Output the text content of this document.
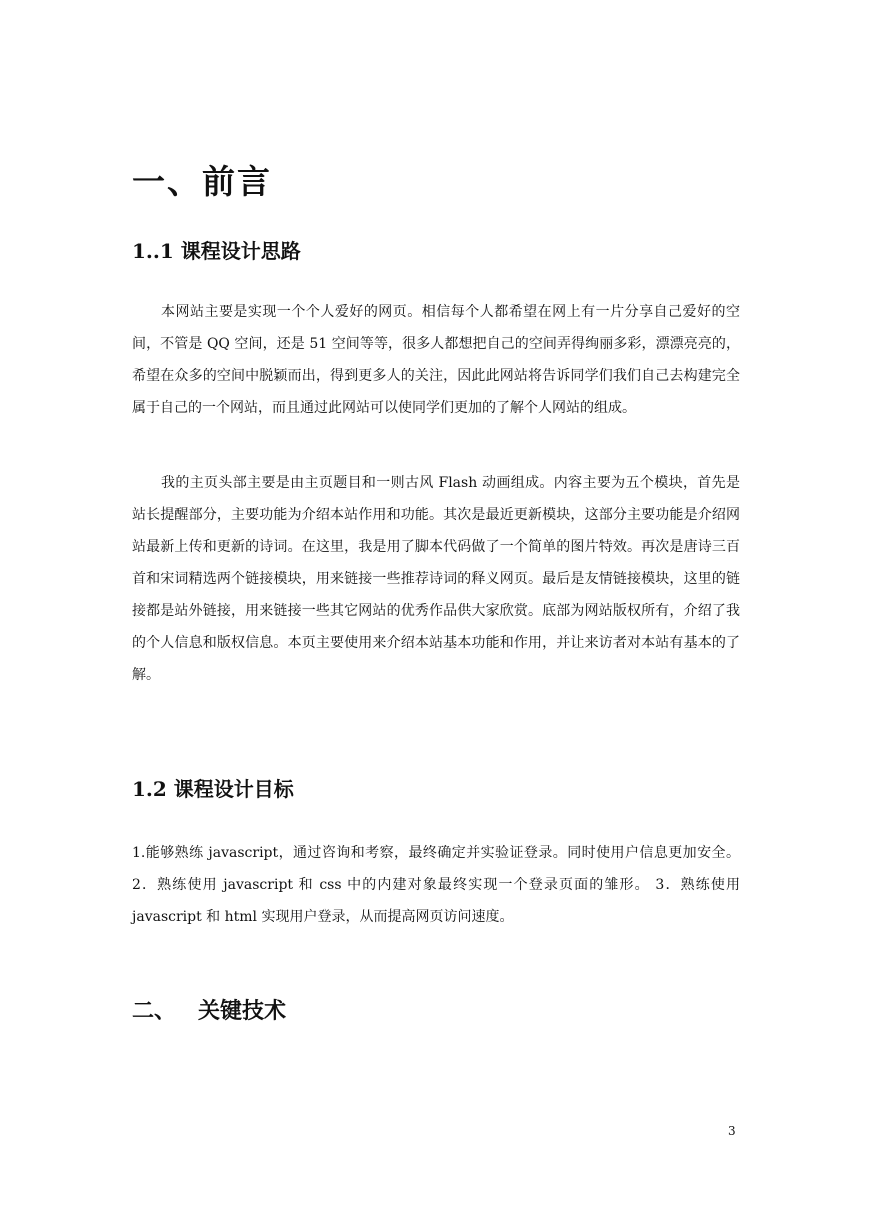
一、前言
1..1 课程设计思路

本网站主要是实现一个个人爱好的网页。相信每个人都希望在网上有一片分享自己爱好的空间，不管是 QQ 空间，还是 51 空间等等，很多人都想把自己的空间弄得绚丽多彩，漂漂亮亮的，希望在众多的空间中脱颖而出，得到更多人的关注，因此此网站将告诉同学们我们自己去构建完全属于自己的一个网站，而且通过此网站可以使同学们更加的了解个人网站的组成。

我的主页头部主要是由主页题目和一则古风 Flash 动画组成。内容主要为五个模块，首先是站长提醒部分，主要功能为介绍本站作用和功能。其次是最近更新模块，这部分主要功能是介绍网站最新上传和更新的诗词。在这里，我是用了脚本代码做了一个简单的图片特效。再次是唐诗三百首和宋词精选两个链接模块，用来链接一些推荐诗词的释义网页。最后是友情链接模块，这里的链接都是站外链接，用来链接一些其它网站的优秀作品供大家欣赏。底部为网站版权所有，介绍了我的个人信息和版权信息。本页主要使用来介绍本站基本功能和作用，并让来访者对本站有基本的了解。

1.2 课程设计目标

1.能够熟练 javascript，通过咨询和考察，最终确定并实验证登录。同时使用户信息更加安全。2．熟练使用 javascript 和 css 中的内建对象最终实现一个登录页面的雏形。 3．熟练使用 javascript 和 html 实现用户登录，从而提高网页访问速度。

二、 关键技术
3
